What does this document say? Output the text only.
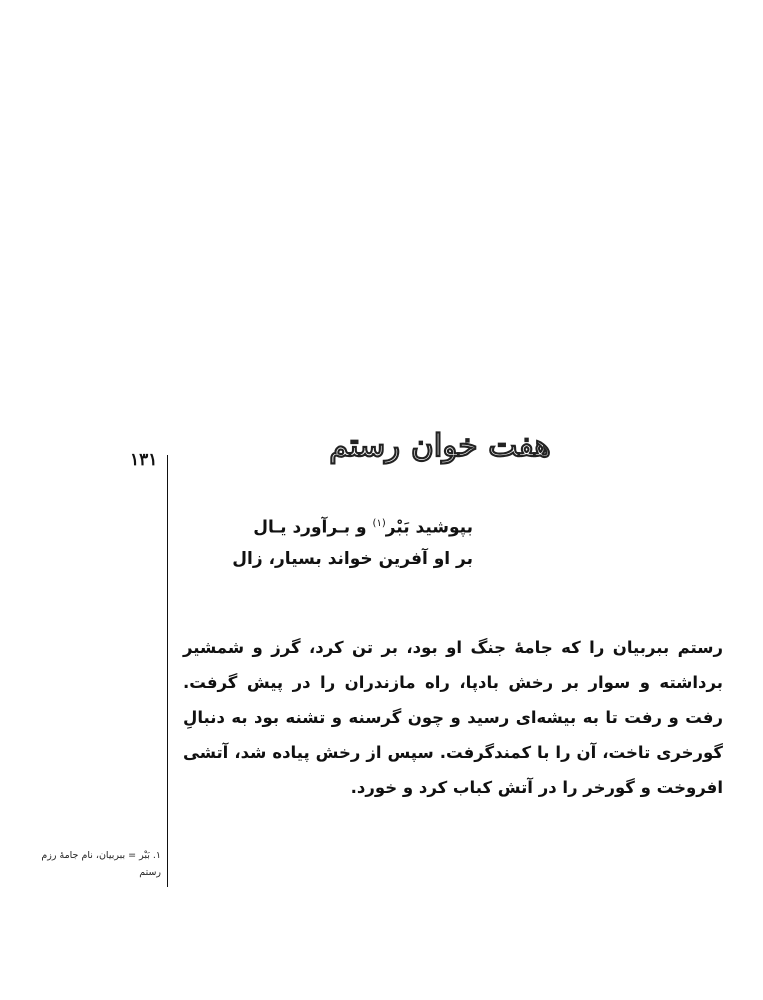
۱۳۱	هفت خوان رستم
بپوشید بَبْر$^{(۱)}$ و بـرآورد یـال
بر او آفرین خواند بسیار، زال
رستم ببربیان را که جامهٔ جنگ او بود، بر تن کرد، گرز و شمشیر برداشته و سوار بر رخش بادپا، راه مازندران را در پیش گرفت. رفت و رفت تا به بیشه‌ای رسید و چون گرسنه و تشنه بود به دنبالِ گورخری تاخت، آن را با کمندگرفت. سپس از رخش پیاده شد، آتشی افروخت و گورخر را در آتش کباب کرد و خورد.
۱. بَبْر = ببربیان، نام جامهٔ رزم رستم
